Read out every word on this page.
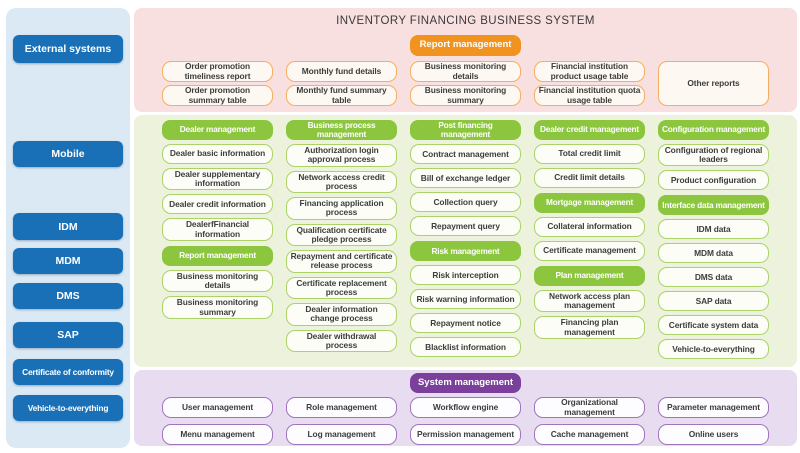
External systems
Mobile
IDM
MDM
DMS
SAP
Certificate of conformity
Vehicle-to-everything
INVENTORY FINANCING BUSINESS SYSTEM
Report management
Order promotion timeliness report
Order promotion summary table
Monthly fund details
Monthly fund summary table
Business monitoring details
Business monitoring summary
Financial institution product usage table
Financial institution quota usage table
Other reports
Dealer management
Dealer basic information
Dealer supplementary information
Dealer credit information
DealerfFinancial information
Report management
Business monitoring details
Business monitoring summary
Business process management
Authorization login approval process
Network access credit process
Financing application process
Qualification certificate pledge process
Repayment and certificate release process
Certificate replacement process
Dealer information change process
Dealer withdrawal process
Post financing management
Contract management
Bill of exchange ledger
Collection query
Repayment query
Risk management
Risk interception
Risk warning information
Repayment notice
Blacklist information
Dealer credit management
Total credit limit
Credit limit details
Mortgage management
Collateral information
Certificate management
Plan management
Network access plan management
Financing plan management
Configuration management
Configuration of regional leaders
Product configuration
Interface data management
IDM data
MDM data
DMS data
SAP data
Certificate system data
Vehicle-to-everything
System management
User management	Role management	Workflow engine	Organizational management	Parameter management
Menu management	Log management	Permission management	Cache management	Online users
